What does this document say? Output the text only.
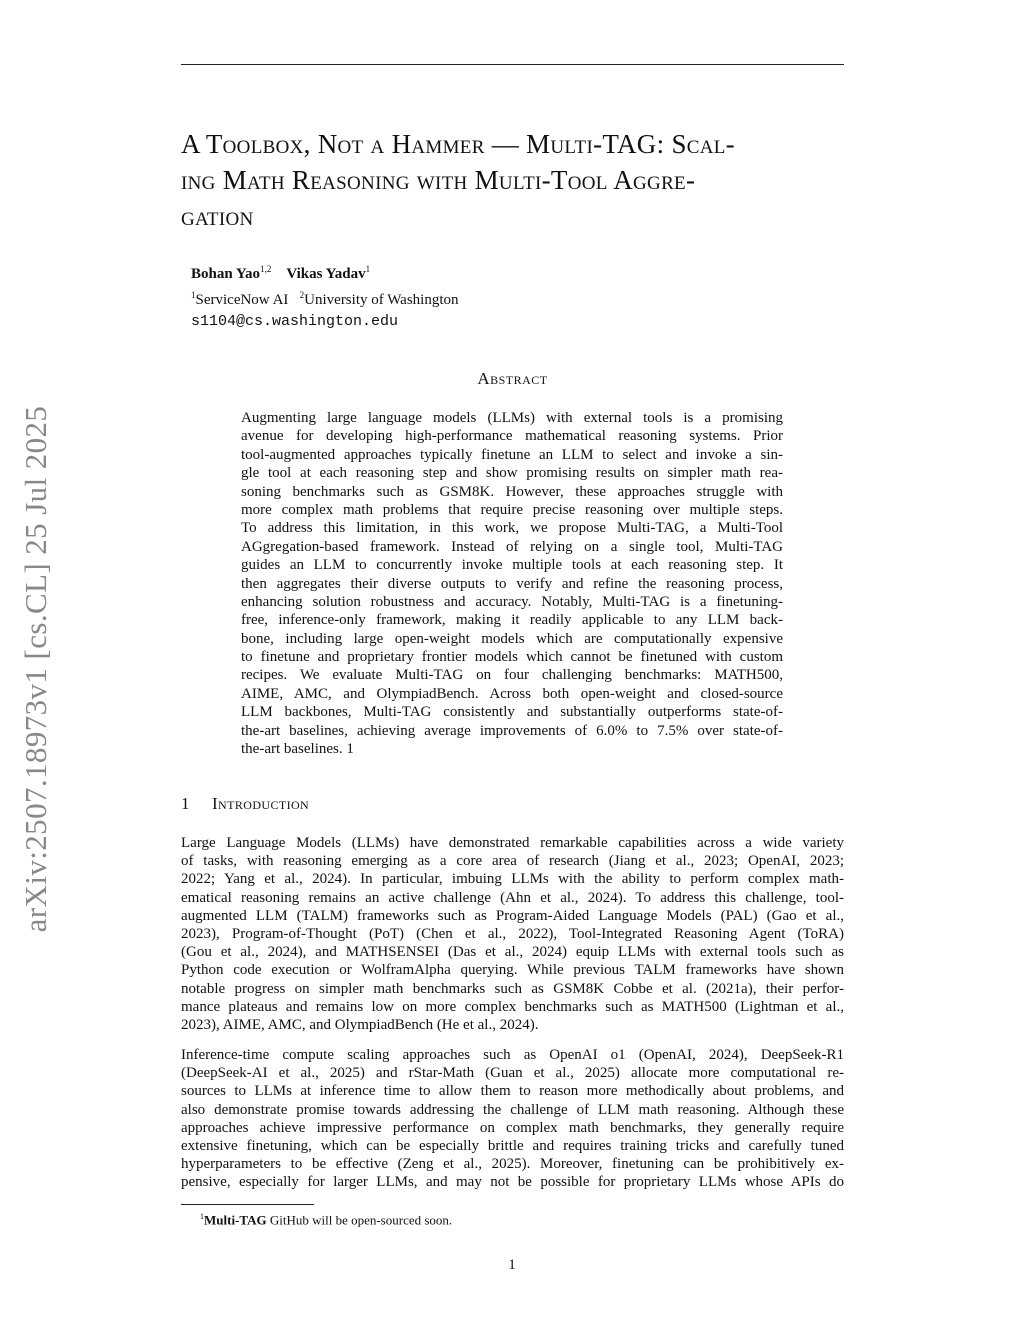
arXiv:2507.18973v1 [cs.CL] 25 Jul 2025
A Toolbox, Not a Hammer — Multi-TAG: Scal-
ing Math Reasoning with Multi-Tool Aggre-
gation
Bohan Yao$^{1,2}$ Vikas Yadav$^1$
$^1$ServiceNow AI $^2$University of Washington
s1104@cs.washington.edu
Abstract
Augmenting large language models (LLMs) with external tools is a promising
avenue for developing high-performance mathematical reasoning systems. Prior
tool-augmented approaches typically finetune an LLM to select and invoke a sin-
gle tool at each reasoning step and show promising results on simpler math rea-
soning benchmarks such as GSM8K. However, these approaches struggle with
more complex math problems that require precise reasoning over multiple steps.
To address this limitation, in this work, we propose Multi-TAG, a Multi-Tool
AGgregation-based framework. Instead of relying on a single tool, Multi-TAG
guides an LLM to concurrently invoke multiple tools at each reasoning step. It
then aggregates their diverse outputs to verify and refine the reasoning process,
enhancing solution robustness and accuracy. Notably, Multi-TAG is a finetuning-
free, inference-only framework, making it readily applicable to any LLM back-
bone, including large open-weight models which are computationally expensive
to finetune and proprietary frontier models which cannot be finetuned with custom
recipes. We evaluate Multi-TAG on four challenging benchmarks: MATH500,
AIME, AMC, and OlympiadBench. Across both open-weight and closed-source
LLM backbones, Multi-TAG consistently and substantially outperforms state-of-
the-art baselines, achieving average improvements of 6.0% to 7.5% over state-of-
the-art baselines. 1
1 Introduction
Large Language Models (LLMs) have demonstrated remarkable capabilities across a wide variety
of tasks, with reasoning emerging as a core area of research (Jiang et al., 2023; OpenAI, 2023;
2022; Yang et al., 2024). In particular, imbuing LLMs with the ability to perform complex math-
ematical reasoning remains an active challenge (Ahn et al., 2024). To address this challenge, tool-
augmented LLM (TALM) frameworks such as Program-Aided Language Models (PAL) (Gao et al.,
2023), Program-of-Thought (PoT) (Chen et al., 2022), Tool-Integrated Reasoning Agent (ToRA)
(Gou et al., 2024), and MATHSENSEI (Das et al., 2024) equip LLMs with external tools such as
Python code execution or WolframAlpha querying. While previous TALM frameworks have shown
notable progress on simpler math benchmarks such as GSM8K Cobbe et al. (2021a), their perfor-
mance plateaus and remains low on more complex benchmarks such as MATH500 (Lightman et al.,
2023), AIME, AMC, and OlympiadBench (He et al., 2024).
Inference-time compute scaling approaches such as OpenAI o1 (OpenAI, 2024), DeepSeek-R1
(DeepSeek-AI et al., 2025) and rStar-Math (Guan et al., 2025) allocate more computational re-
sources to LLMs at inference time to allow them to reason more methodically about problems, and
also demonstrate promise towards addressing the challenge of LLM math reasoning. Although these
approaches achieve impressive performance on complex math benchmarks, they generally require
extensive finetuning, which can be especially brittle and requires training tricks and carefully tuned
hyperparameters to be effective (Zeng et al., 2025). Moreover, finetuning can be prohibitively ex-
pensive, especially for larger LLMs, and may not be possible for proprietary LLMs whose APIs do
$^1$Multi-TAG GitHub will be open-sourced soon.
1
